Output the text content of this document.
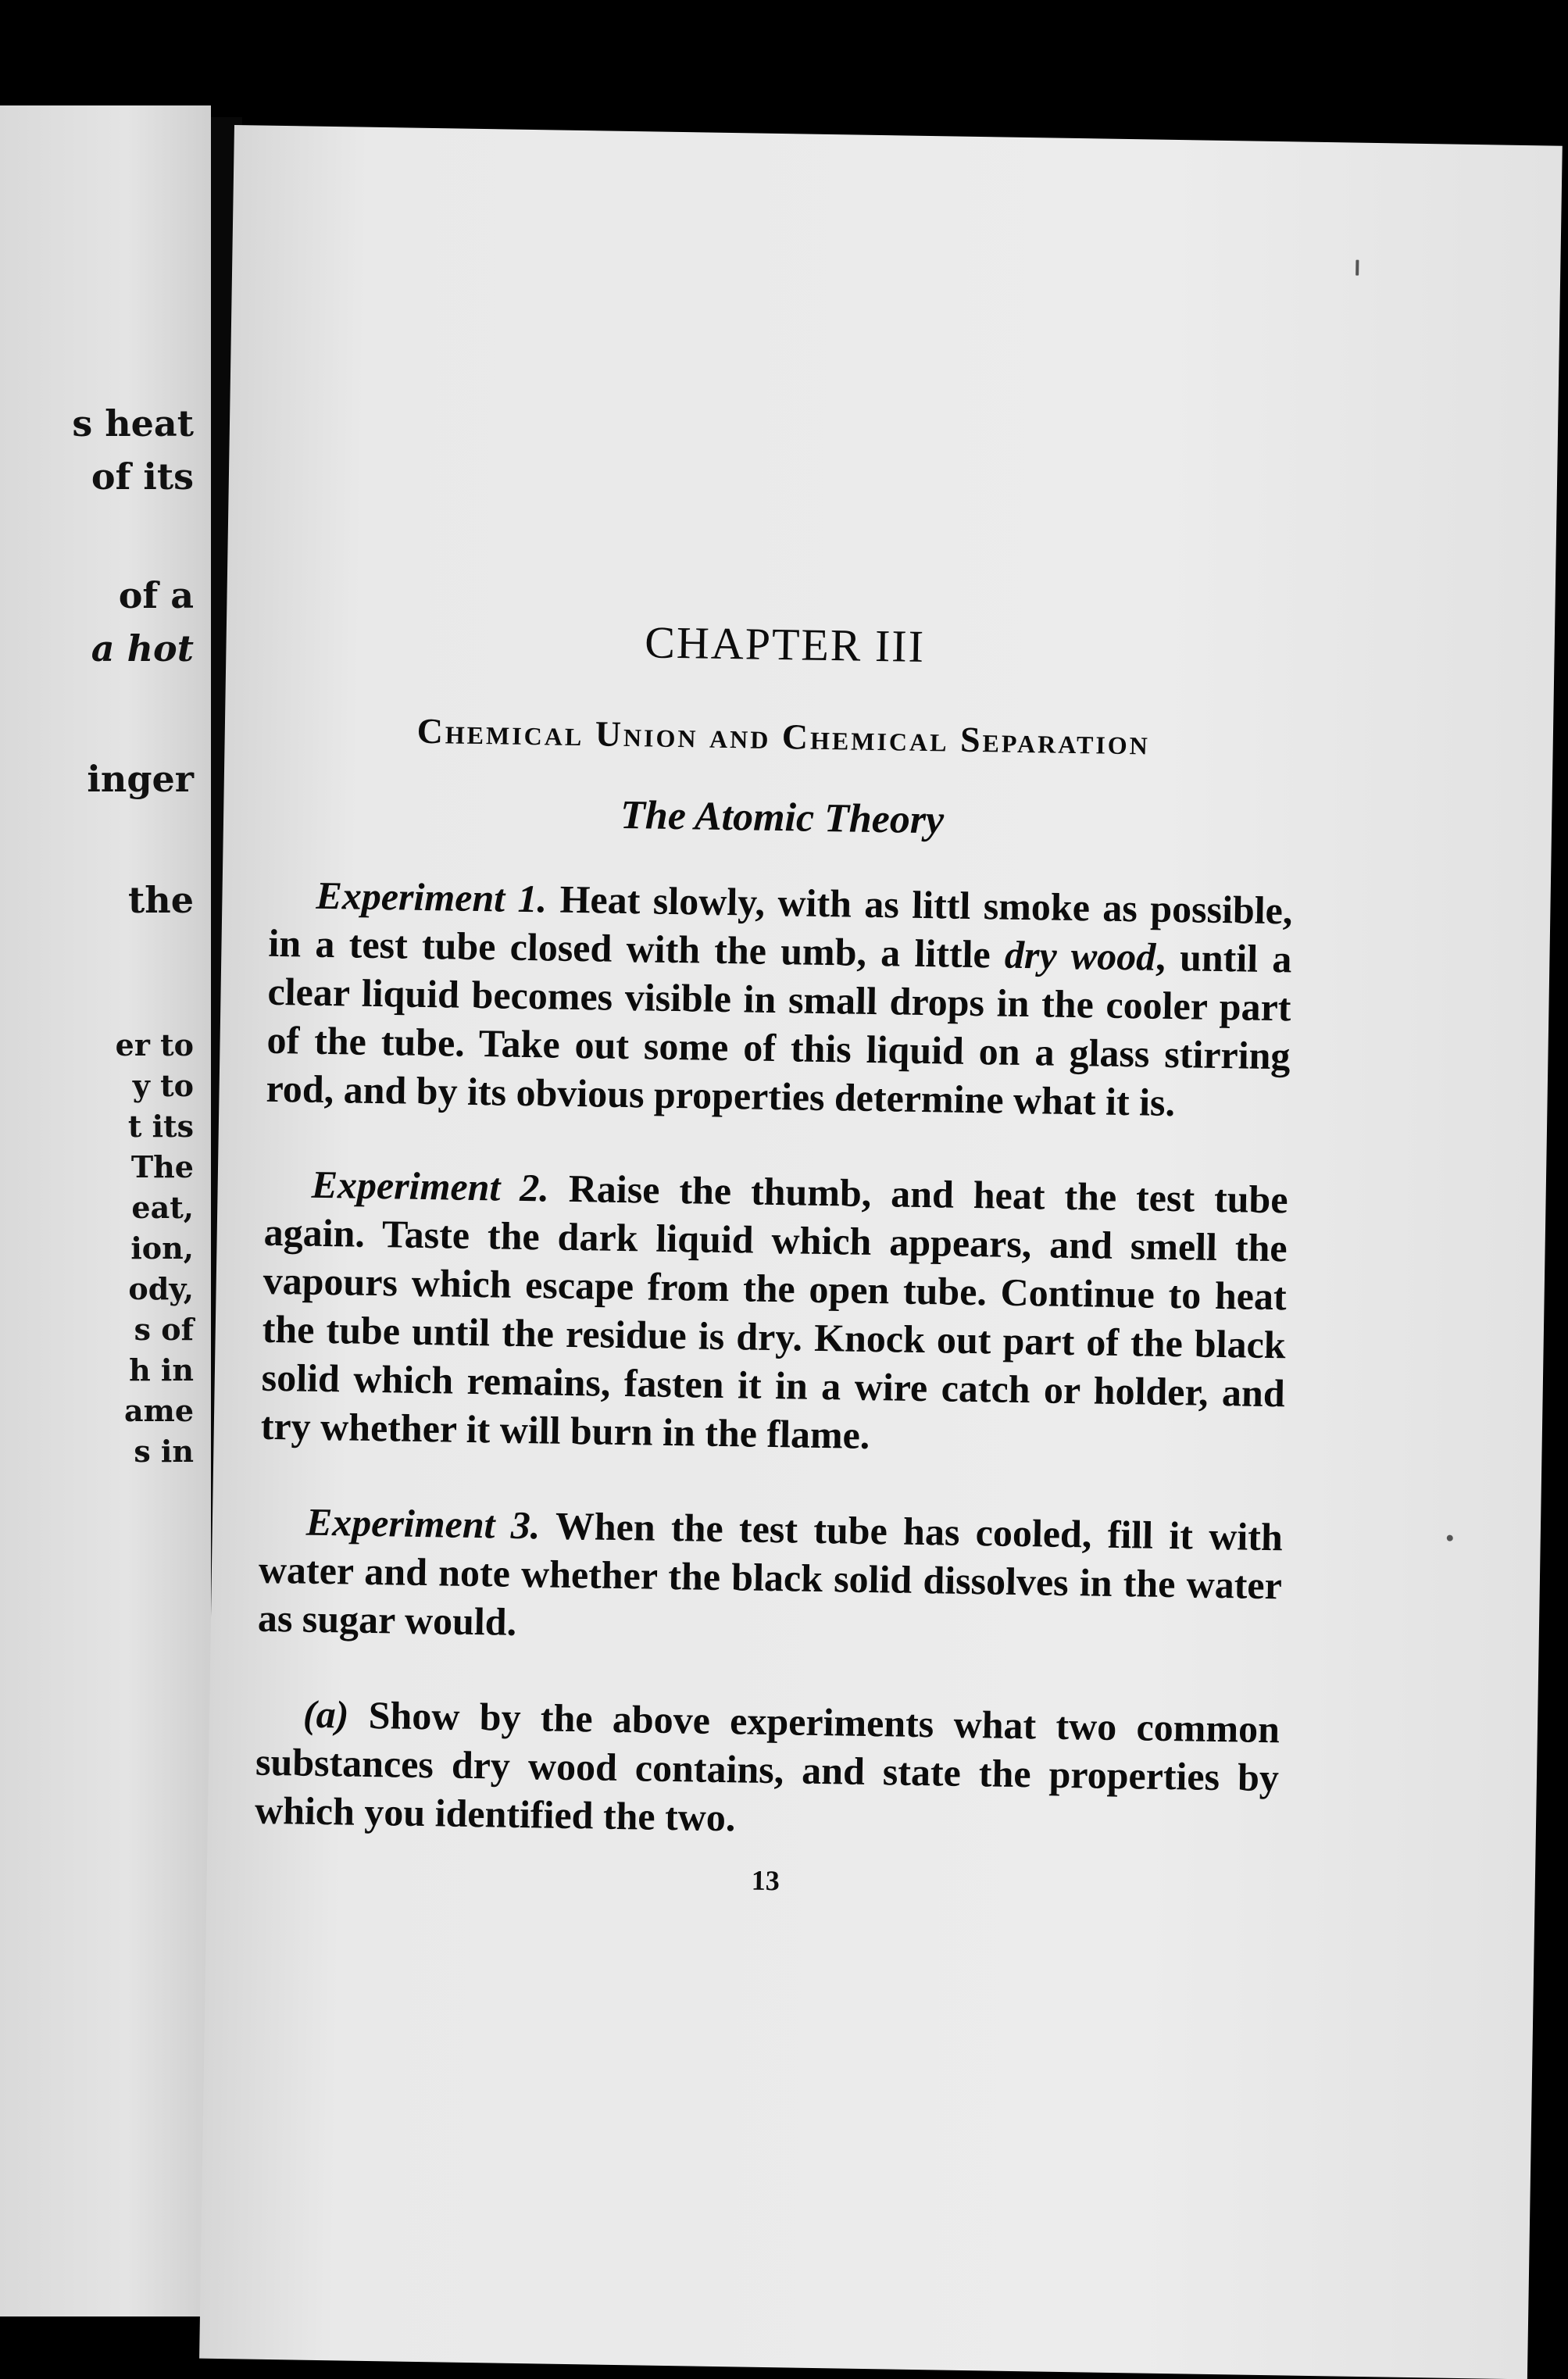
s heat
of its
of a
a hot
inger
the
er to
y to
t its
The
eat,
ion,
ody,
s of
h in
ame
s in
CHAPTER III
Chemical Union and Chemical Separation
The Atomic Theory

Experiment 1. Heat slowly, with as littl smoke as possible, in a test tube closed with the umb, a little dry wood, until a clear liquid becomes visible in small drops in the cooler part of the tube. Take out some of this liquid on a glass stirring rod, and by its obvious properties determine what it is.

Experiment 2. Raise the thumb, and heat the test tube again. Taste the dark liquid which appears, and smell the vapours which escape from the open tube. Continue to heat the tube until the residue is dry. Knock out part of the black solid which remains, fasten it in a wire catch or holder, and try whether it will burn in the flame.

Experiment 3. When the test tube has cooled, fill it with water and note whether the black solid dissolves in the water as sugar would.

(a) Show by the above experiments what two common substances dry wood contains, and state the properties by which you identified the two.

13
